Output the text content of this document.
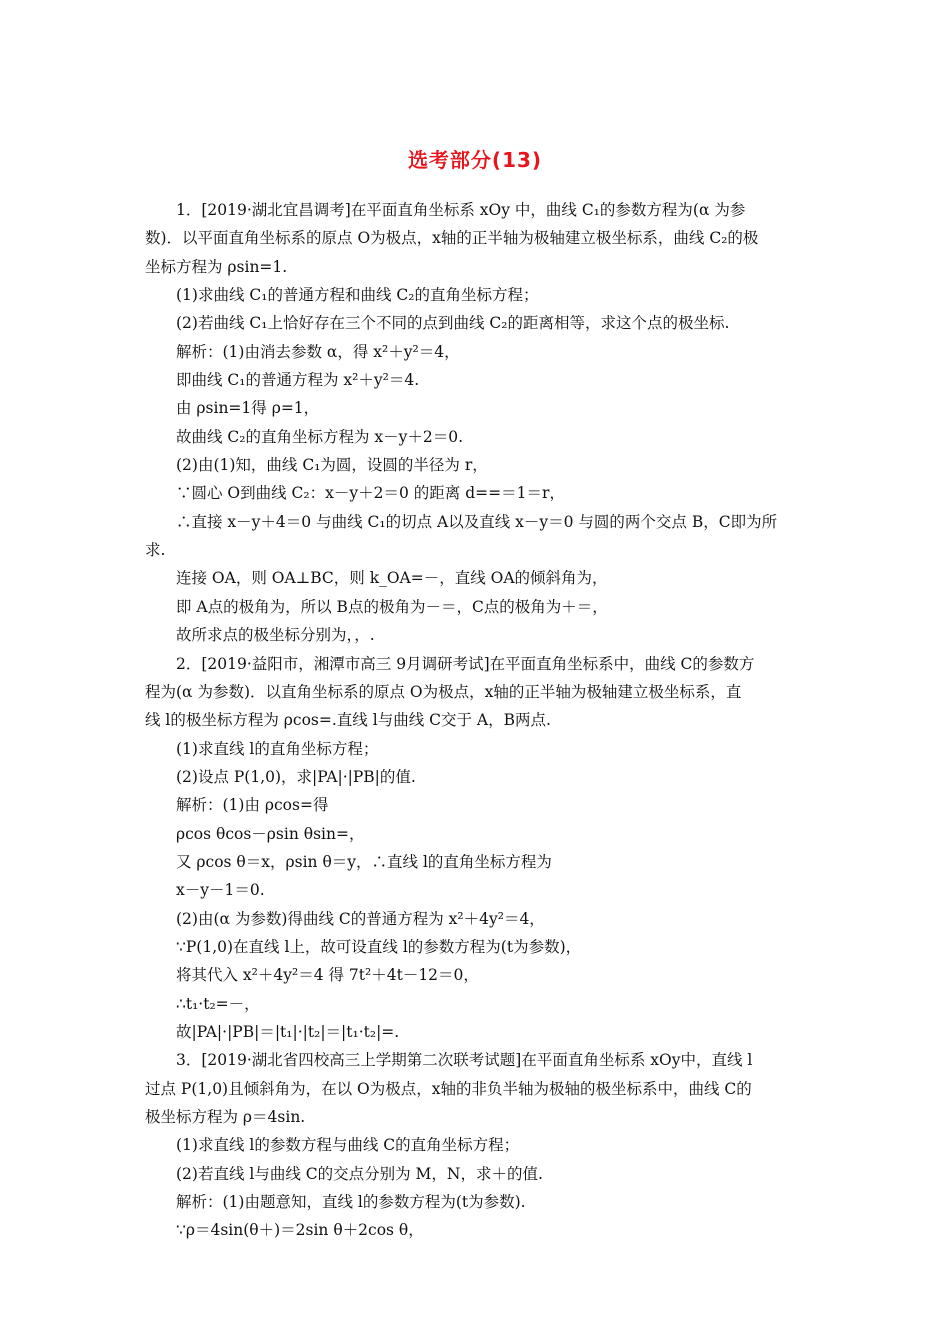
选考部分(13)
1．[2019·湖北宜昌调考]在平面直角坐标系 xOy 中，曲线 C₁的参数方程为(α 为参
数)．以平面直角坐标系的原点 O为极点，x轴的正半轴为极轴建立极坐标系，曲线 C₂的极
坐标方程为 ρsin=1.
(1)求曲线 C₁的普通方程和曲线 C₂的直角坐标方程；
(2)若曲线 C₁上恰好存在三个不同的点到曲线 C₂的距离相等，求这个点的极坐标.
解析：(1)由消去参数 α，得 x²＋y²＝4，
即曲线 C₁的普通方程为 x²＋y²＝4.
由 ρsin=1得 ρ=1，
故曲线 C₂的直角坐标方程为 x－y＋2＝0.
(2)由(1)知，曲线 C₁为圆，设圆的半径为 r，
∵圆心 O到曲线 C₂：x－y＋2＝0 的距离 d==＝1＝r，
∴直接 x－y＋4＝0 与曲线 C₁的切点 A以及直线 x－y＝0 与圆的两个交点 B，C即为所
求.
连接 OA，则 OA⊥BC，则 k_OA=－，直线 OA的倾斜角为，
即 A点的极角为，所以 B点的极角为－＝，C点的极角为＋＝，
故所求点的极坐标分别为，，.
2．[2019·益阳市，湘潭市高三 9月调研考试]在平面直角坐标系中，曲线 C的参数方
程为(α 为参数)．以直角坐标系的原点 O为极点，x轴的正半轴为极轴建立极坐标系，直
线 l的极坐标方程为 ρcos=.直线 l与曲线 C交于 A，B两点.
(1)求直线 l的直角坐标方程；
(2)设点 P(1,0)，求|PA|·|PB|的值.
解析：(1)由 ρcos=得
ρcos θcos－ρsin θsin=，
又 ρcos θ＝x，ρsin θ＝y，∴直线 l的直角坐标方程为
x－y－1＝0.
(2)由(α 为参数)得曲线 C的普通方程为 x²＋4y²＝4，
∵P(1,0)在直线 l上，故可设直线 l的参数方程为(t为参数)，
将其代入 x²＋4y²＝4 得 7t²＋4t－12＝0，
∴t₁·t₂=－，
故|PA|·|PB|＝|t₁|·|t₂|＝|t₁·t₂|=.
3．[2019·湖北省四校高三上学期第二次联考试题]在平面直角坐标系 xOy中，直线 l
过点 P(1,0)且倾斜角为，在以 O为极点，x轴的非负半轴为极轴的极坐标系中，曲线 C的
极坐标方程为 ρ＝4sin.
(1)求直线 l的参数方程与曲线 C的直角坐标方程；
(2)若直线 l与曲线 C的交点分别为 M，N，求＋的值.
解析：(1)由题意知，直线 l的参数方程为(t为参数).
∵ρ＝4sin(θ＋)＝2sin θ＋2cos θ，
